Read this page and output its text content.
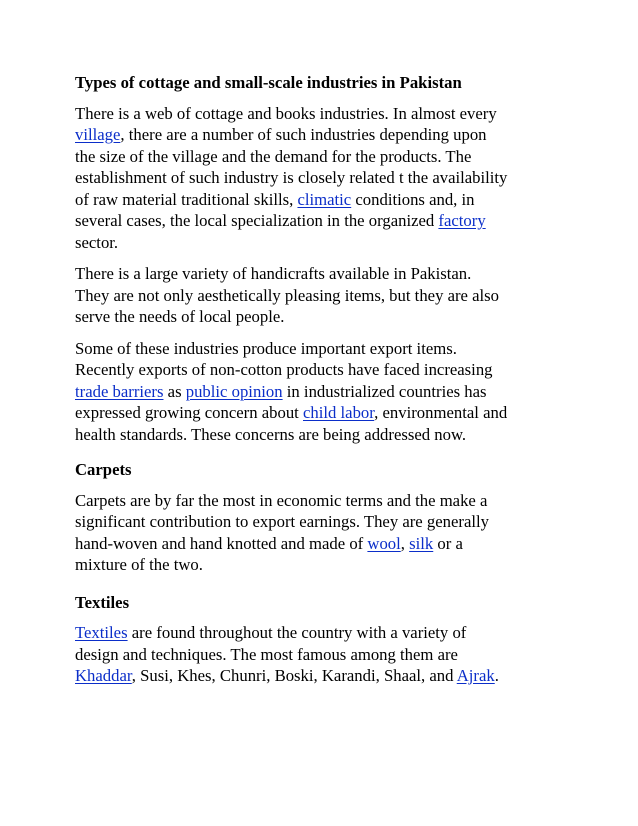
Types of cottage and small-scale industries in Pakistan

There is a web of cottage and books industries. In almost every
village, there are a number of such industries depending upon
the size of the village and the demand for the products. The
establishment of such industry is closely related t the availability
of raw material traditional skills, climatic conditions and, in
several cases, the local specialization in the organized factory
sector.

There is a large variety of handicrafts available in Pakistan.
They are not only aesthetically pleasing items, but they are also
serve the needs of local people.

Some of these industries produce important export items.
Recently exports of non-cotton products have faced increasing
trade barriers as public opinion in industrialized countries has
expressed growing concern about child labor, environmental and
health standards. These concerns are being addressed now.

Carpets

Carpets are by far the most in economic terms and the make a
significant contribution to export earnings. They are generally
hand-woven and hand knotted and made of wool, silk or a
mixture of the two.

Textiles

Textiles are found throughout the country with a variety of
design and techniques. The most famous among them are
Khaddar, Susi, Khes, Chunri, Boski, Karandi, Shaal, and Ajrak.
